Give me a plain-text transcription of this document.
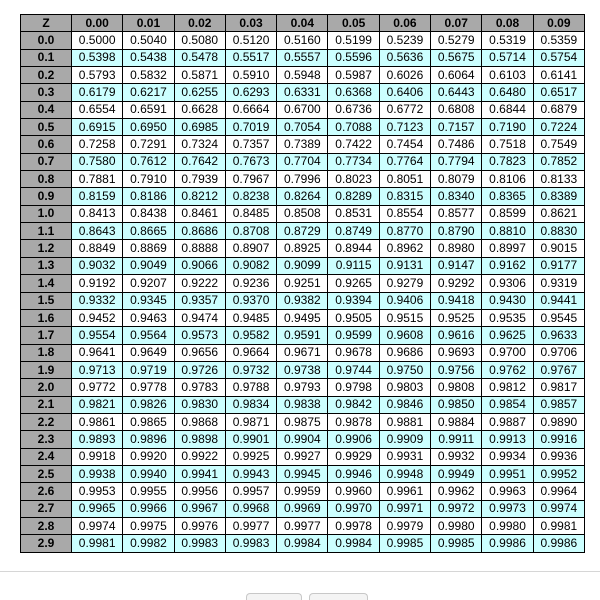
Z	0.00	0.01	0.02	0.03	0.04	0.05	0.06	0.07	0.08	0.09
0.0	0.5000	0.5040	0.5080	0.5120	0.5160	0.5199	0.5239	0.5279	0.5319	0.5359
0.1	0.5398	0.5438	0.5478	0.5517	0.5557	0.5596	0.5636	0.5675	0.5714	0.5754
0.2	0.5793	0.5832	0.5871	0.5910	0.5948	0.5987	0.6026	0.6064	0.6103	0.6141
0.3	0.6179	0.6217	0.6255	0.6293	0.6331	0.6368	0.6406	0.6443	0.6480	0.6517
0.4	0.6554	0.6591	0.6628	0.6664	0.6700	0.6736	0.6772	0.6808	0.6844	0.6879
0.5	0.6915	0.6950	0.6985	0.7019	0.7054	0.7088	0.7123	0.7157	0.7190	0.7224
0.6	0.7258	0.7291	0.7324	0.7357	0.7389	0.7422	0.7454	0.7486	0.7518	0.7549
0.7	0.7580	0.7612	0.7642	0.7673	0.7704	0.7734	0.7764	0.7794	0.7823	0.7852
0.8	0.7881	0.7910	0.7939	0.7967	0.7996	0.8023	0.8051	0.8079	0.8106	0.8133
0.9	0.8159	0.8186	0.8212	0.8238	0.8264	0.8289	0.8315	0.8340	0.8365	0.8389
1.0	0.8413	0.8438	0.8461	0.8485	0.8508	0.8531	0.8554	0.8577	0.8599	0.8621
1.1	0.8643	0.8665	0.8686	0.8708	0.8729	0.8749	0.8770	0.8790	0.8810	0.8830
1.2	0.8849	0.8869	0.8888	0.8907	0.8925	0.8944	0.8962	0.8980	0.8997	0.9015
1.3	0.9032	0.9049	0.9066	0.9082	0.9099	0.9115	0.9131	0.9147	0.9162	0.9177
1.4	0.9192	0.9207	0.9222	0.9236	0.9251	0.9265	0.9279	0.9292	0.9306	0.9319
1.5	0.9332	0.9345	0.9357	0.9370	0.9382	0.9394	0.9406	0.9418	0.9430	0.9441
1.6	0.9452	0.9463	0.9474	0.9485	0.9495	0.9505	0.9515	0.9525	0.9535	0.9545
1.7	0.9554	0.9564	0.9573	0.9582	0.9591	0.9599	0.9608	0.9616	0.9625	0.9633
1.8	0.9641	0.9649	0.9656	0.9664	0.9671	0.9678	0.9686	0.9693	0.9700	0.9706
1.9	0.9713	0.9719	0.9726	0.9732	0.9738	0.9744	0.9750	0.9756	0.9762	0.9767
2.0	0.9772	0.9778	0.9783	0.9788	0.9793	0.9798	0.9803	0.9808	0.9812	0.9817
2.1	0.9821	0.9826	0.9830	0.9834	0.9838	0.9842	0.9846	0.9850	0.9854	0.9857
2.2	0.9861	0.9865	0.9868	0.9871	0.9875	0.9878	0.9881	0.9884	0.9887	0.9890
2.3	0.9893	0.9896	0.9898	0.9901	0.9904	0.9906	0.9909	0.9911	0.9913	0.9916
2.4	0.9918	0.9920	0.9922	0.9925	0.9927	0.9929	0.9931	0.9932	0.9934	0.9936
2.5	0.9938	0.9940	0.9941	0.9943	0.9945	0.9946	0.9948	0.9949	0.9951	0.9952
2.6	0.9953	0.9955	0.9956	0.9957	0.9959	0.9960	0.9961	0.9962	0.9963	0.9964
2.7	0.9965	0.9966	0.9967	0.9968	0.9969	0.9970	0.9971	0.9972	0.9973	0.9974
2.8	0.9974	0.9975	0.9976	0.9977	0.9977	0.9978	0.9979	0.9980	0.9980	0.9981
2.9	0.9981	0.9982	0.9983	0.9983	0.9984	0.9984	0.9985	0.9985	0.9986	0.9986
